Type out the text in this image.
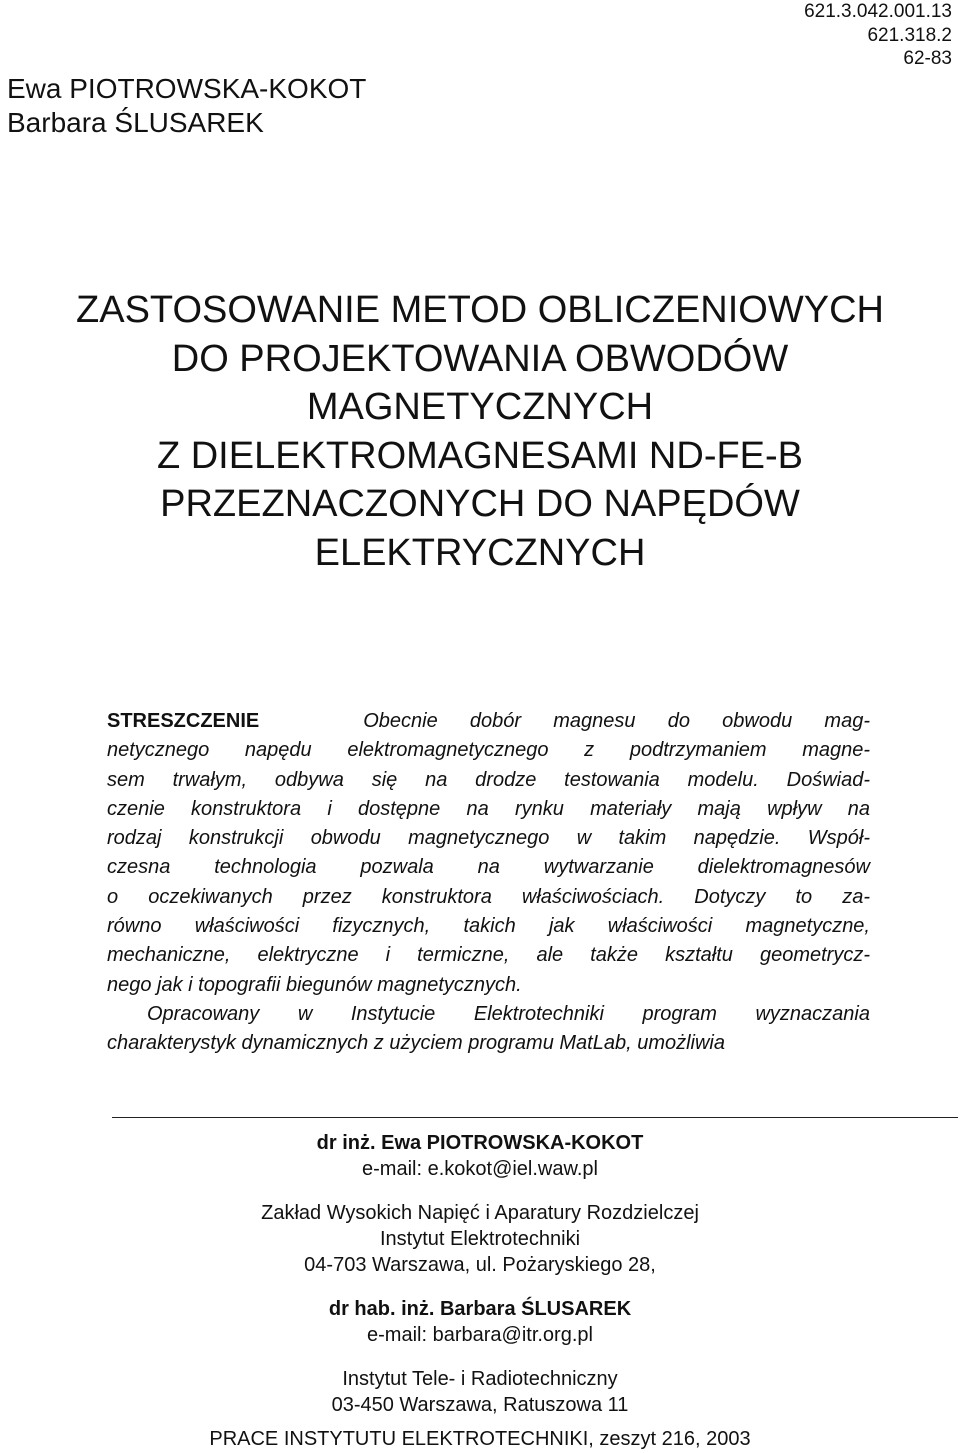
621.3.042.001.13
621.318.2
62-83
Ewa PIOTROWSKA-KOKOT
Barbara ŚLUSAREK
ZASTOSOWANIE METOD OBLICZENIOWYCH
DO PROJEKTOWANIA OBWODÓW
MAGNETYCZNYCH
Z DIELEKTROMAGNESAMI ND-FE-B
PRZEZNACZONYCH DO NAPĘDÓW
ELEKTRYCZNYCH
STRESZCZENIE	Obecnie dobór magnesu do obwodu mag-
netycznego napędu elektromagnetycznego z podtrzymaniem magne-
sem trwałym, odbywa się na drodze testowania modelu. Doświad-
czenie konstruktora i dostępne na rynku materiały mają wpływ na
rodzaj konstrukcji obwodu magnetycznego w takim napędzie. Współ-
czesna technologia pozwala na wytwarzanie dielektromagnesów
o oczekiwanych przez konstruktora właściwościach. Dotyczy to za-
równo właściwości fizycznych, takich jak właściwości magnetyczne,
mechaniczne, elektryczne i termiczne, ale także kształtu geometrycz-
nego jak i topografii biegunów magnetycznych.
Opracowany w Instytucie Elektrotechniki program wyznaczania
charakterystyk dynamicznych z użyciem programu MatLab, umożliwia
dr inż. Ewa PIOTROWSKA-KOKOT
e-mail: e.kokot@iel.waw.pl
Zakład Wysokich Napięć i Aparatury Rozdzielczej
Instytut Elektrotechniki
04-703 Warszawa, ul. Pożaryskiego 28,
dr hab. inż. Barbara ŚLUSAREK
e-mail: barbara@itr.org.pl
Instytut Tele- i Radiotechniczny
03-450 Warszawa, Ratuszowa 11
PRACE INSTYTUTU ELEKTROTECHNIKI, zeszyt 216, 2003
